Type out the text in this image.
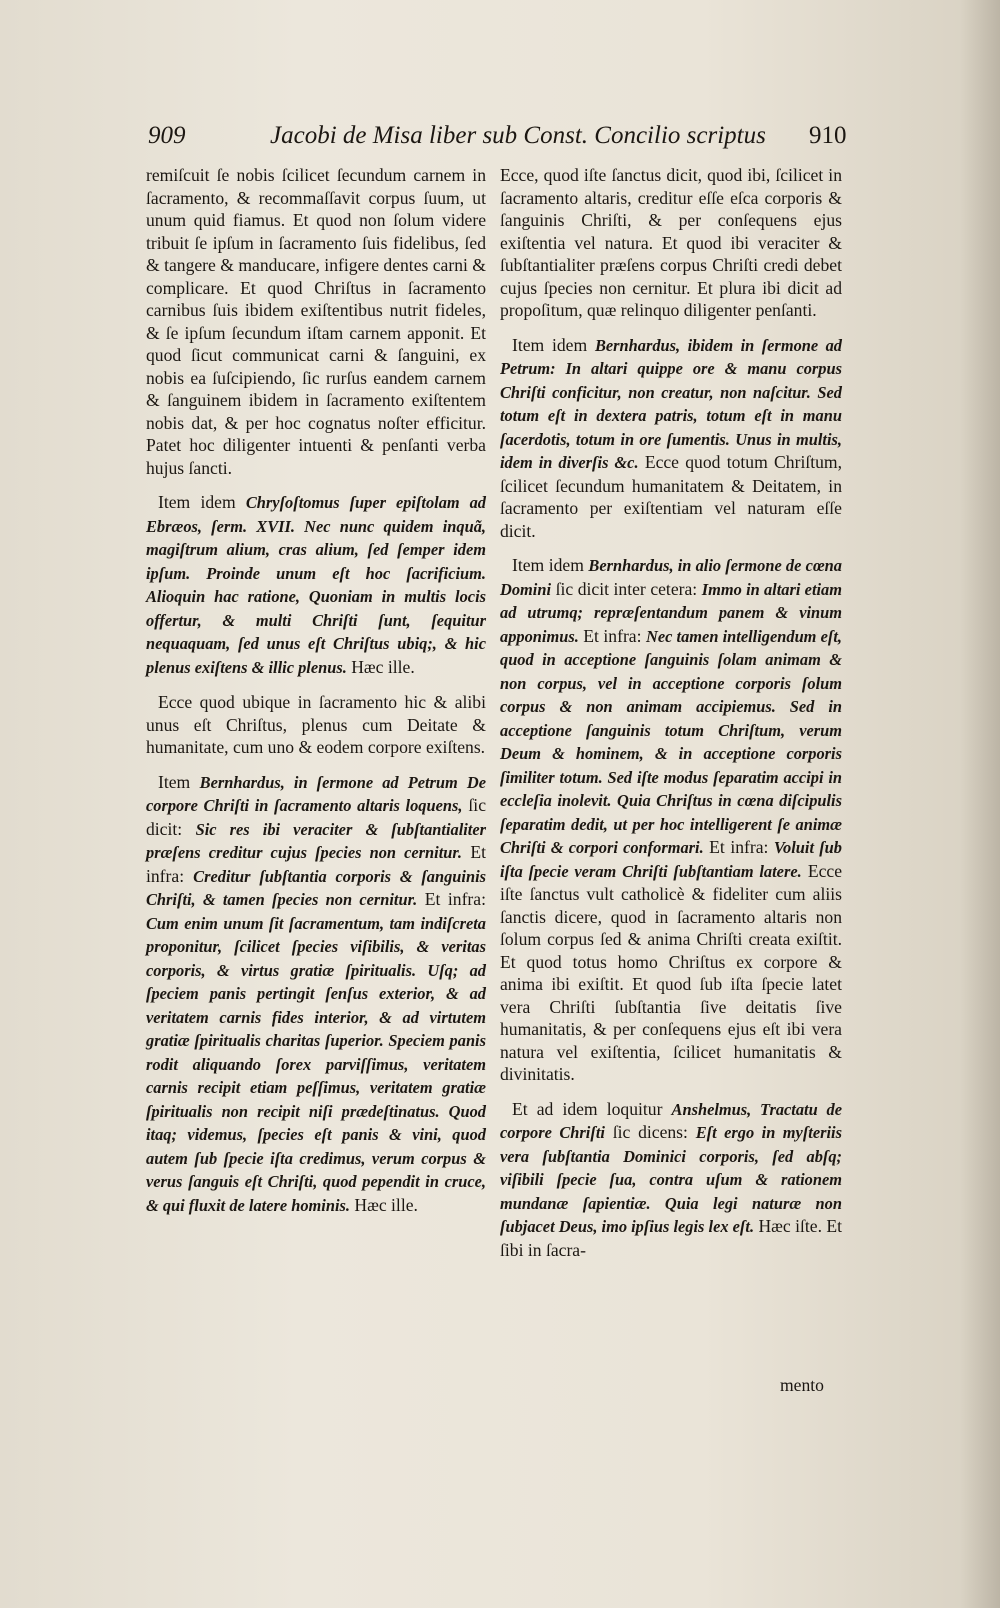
909	Jacobi de Misa liber sub Const. Concilio scriptus 910

remiſcuit ſe nobis ſcilicet ſecundum carnem in ſacramento, & recommaſſavit corpus ſuum, ut unum quid fiamus. Et quod non ſolum videre tribuit ſe ipſum in ſacramento ſuis fidelibus, ſed & tangere & manducare, infigere dentes carni & complicare. Et quod Chriſtus in ſacramento carnibus ſuis ibidem exiſtentibus nutrit fideles, & ſe ipſum ſecundum iſtam carnem apponit. Et quod ſicut communicat carni & ſanguini, ex nobis ea ſuſcipiendo, ſic rurſus eandem carnem & ſanguinem ibidem in ſacramento exiſtentem nobis dat, & per hoc cognatus noſter efficitur. Patet hoc diligenter intuenti & penſanti verba hujus ſancti.

Item idem Chryſoſtomus ſuper epiſtolam ad Ebræos, ſerm. XVII. Nec nunc quidem inquã, magiſtrum alium, cras alium, ſed ſemper idem ipſum. Proinde unum eſt hoc ſacrificium. Alioquin hac ratione, Quoniam in multis locis offertur, & multi Chriſti ſunt, ſequitur nequaquam, ſed unus eſt Chriſtus ubiq;, & hic plenus exiſtens & illic plenus. Hæc ille.

Ecce quod ubique in ſacramento hic & alibi unus eſt Chriſtus, plenus cum Deitate & humanitate, cum uno & eodem corpore exiſtens.

Item Bernhardus, in ſermone ad Petrum De corpore Chriſti in ſacramento altaris loquens, ſic dicit: Sic res ibi veraciter & ſubſtantialiter præſens creditur cujus ſpecies non cernitur. Et infra: Creditur ſubſtantia corporis & ſanguinis Chriſti, & tamen ſpecies non cernitur. Et infra: Cum enim unum ſit ſacramentum, tam indiſcreta proponitur, ſcilicet ſpecies viſibilis, & veritas corporis, & virtus gratiæ ſpiritualis. Uſq; ad ſpeciem panis pertingit ſenſus exterior, & ad veritatem carnis fides interior, & ad virtutem gratiæ ſpiritualis charitas ſuperior. Speciem panis rodit aliquando ſorex parviſſimus, veritatem carnis recipit etiam peſſimus, veritatem gratiæ ſpiritualis non recipit niſi prædeſtinatus. Quod itaq; videmus, ſpecies eſt panis & vini, quod autem ſub ſpecie iſta credimus, verum corpus & verus ſanguis eſt Chriſti, quod pependit in cruce, & qui fluxit de latere hominis. Hæc ille.

Ecce, quod iſte ſanctus dicit, quod ibi, ſcilicet in ſacramento altaris, creditur eſſe eſca corporis & ſanguinis Chriſti, & per conſequens ejus exiſtentia vel natura. Et quod ibi veraciter & ſubſtantialiter præſens corpus Chriſti credi debet cujus ſpecies non cernitur. Et plura ibi dicit ad propoſitum, quæ relinquo diligenter penſanti.

Item idem Bernhardus, ibidem in ſermone ad Petrum: In altari quippe ore & manu corpus Chriſti conficitur, non creatur, non naſcitur. Sed totum eſt in dextera patris, totum eſt in manu ſacerdotis, totum in ore ſumentis. Unus in multis, idem in diverſis &c. Ecce quod totum Chriſtum, ſcilicet ſecundum humanitatem & Deitatem, in ſacramento per exiſtentiam vel naturam eſſe dicit.

Item idem Bernhardus, in alio ſermone de cœna Domini ſic dicit inter cetera: Immo in altari etiam ad utrumq; repræſentandum panem & vinum apponimus. Et infra: Nec tamen intelligendum eſt, quod in acceptione ſanguinis ſolam animam & non corpus, vel in acceptione corporis ſolum corpus & non animam accipiemus. Sed in acceptione ſanguinis totum Chriſtum, verum Deum & hominem, & in acceptione corporis ſimiliter totum. Sed iſte modus ſeparatim accipi in eccleſia inolevit. Quia Chriſtus in cœna diſcipulis ſeparatim dedit, ut per hoc intelligerent ſe animæ Chriſti & corpori conformari. Et infra: Voluit ſub iſta ſpecie veram Chriſti ſubſtantiam latere. Ecce iſte ſanctus vult catholicè & fideliter cum aliis ſanctis dicere, quod in ſacramento altaris non ſolum corpus ſed & anima Chriſti creata exiſtit. Et quod totus homo Chriſtus ex corpore & anima ibi exiſtit. Et quod ſub iſta ſpecie latet vera Chriſti ſubſtantia ſive deitatis ſive humanitatis, & per conſequens ejus eſt ibi vera natura vel exiſtentia, ſcilicet humanitatis & divinitatis.

Et ad idem loquitur Anshelmus, Tractatu de corpore Chriſti ſic dicens: Eſt ergo in myſteriis vera ſubſtantia Dominici corporis, ſed abſq; viſibili ſpecie ſua, contra uſum & rationem mundanæ ſapientiæ. Quia legi naturæ non ſubjacet Deus, imo ipſius legis lex eſt. Hæc iſte. Et ſibi in ſacra-

mento
